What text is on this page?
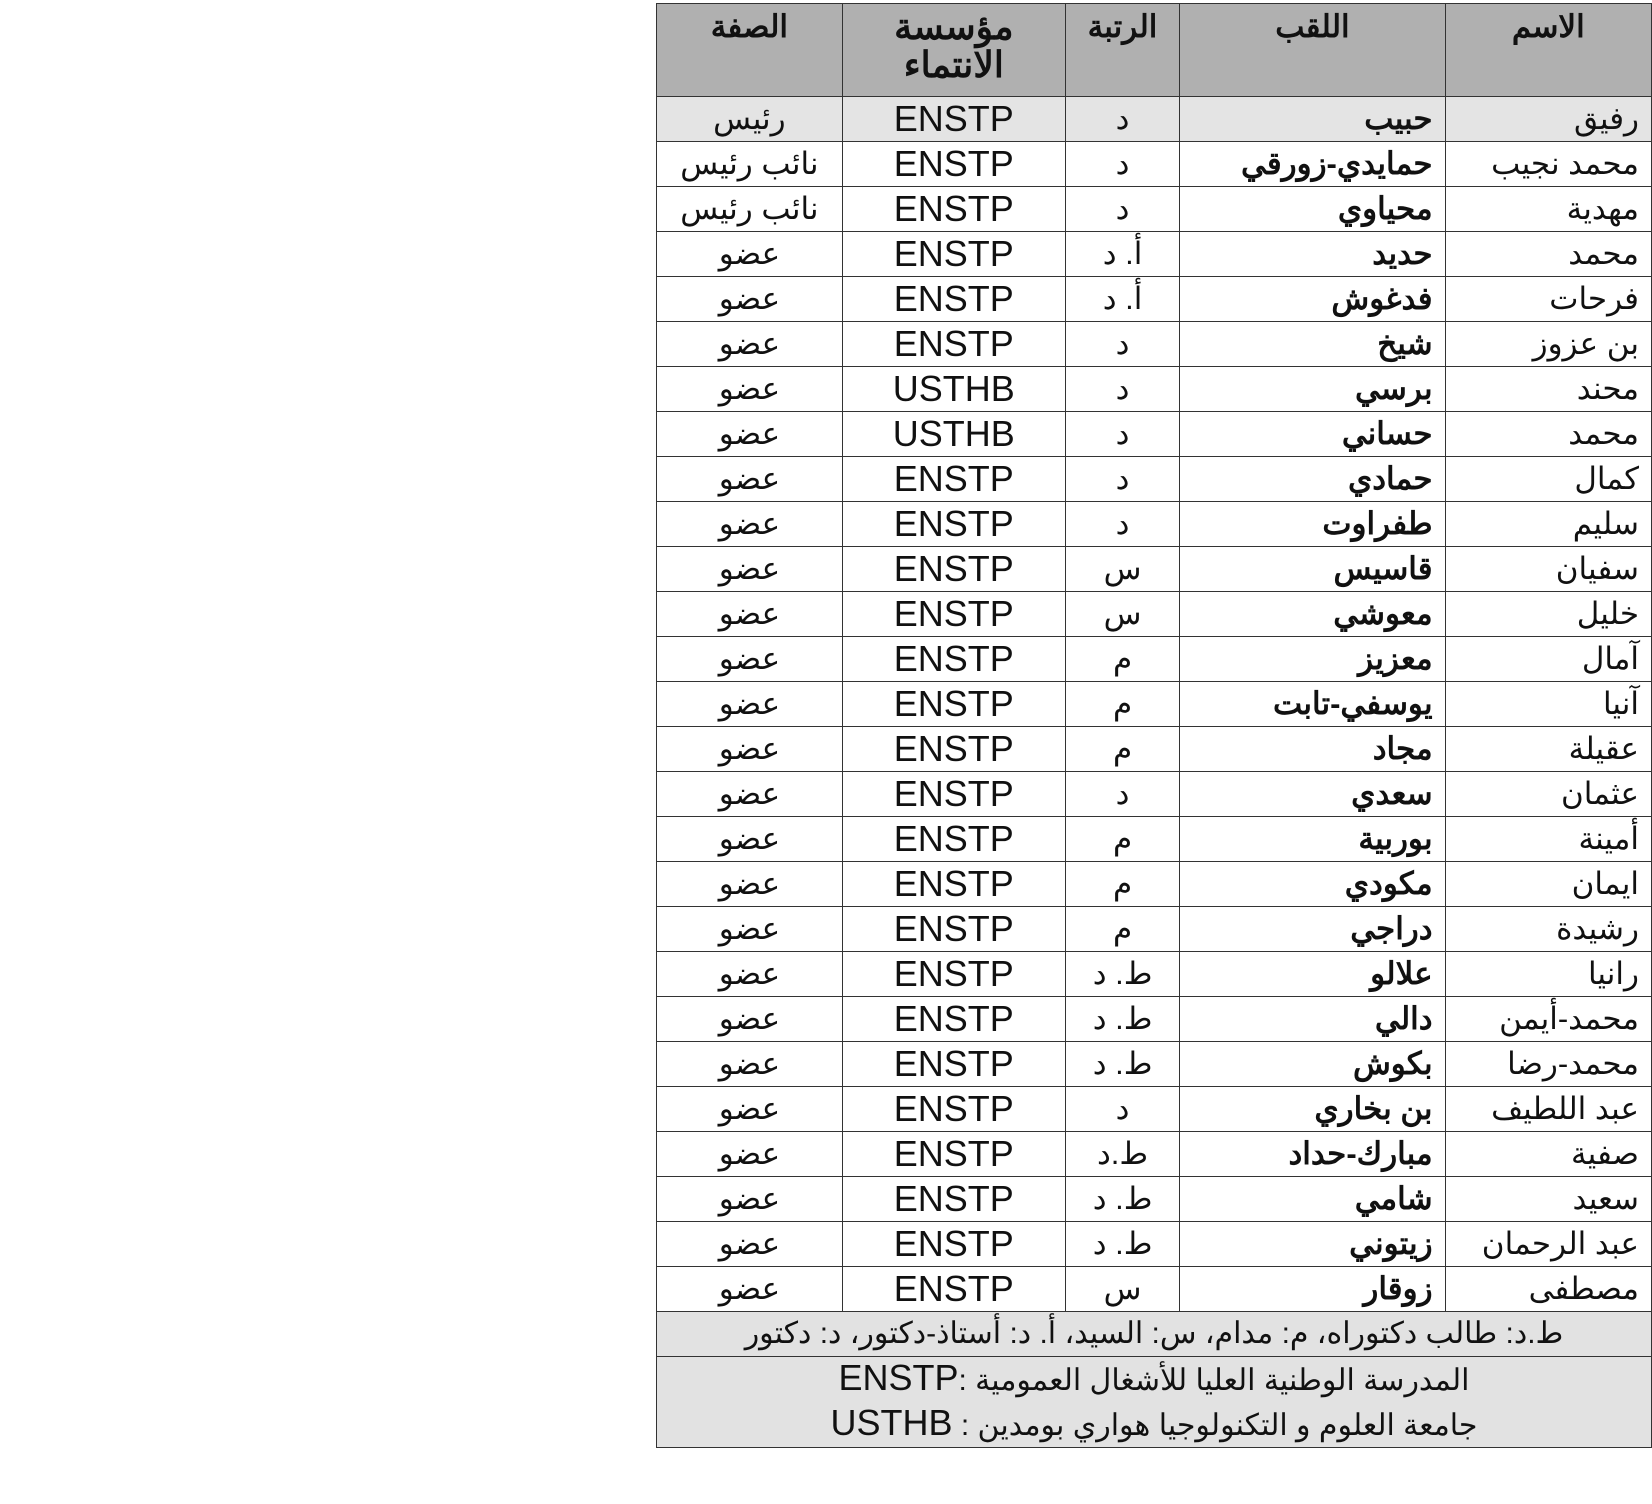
الاسم	اللقب	الرتبة	مؤسسة الانتماء	الصفة
رفيق	حبيب	د	ENSTP	رئيس
محمد نجيب	حمايدي-زورقي	د	ENSTP	نائب رئيس
مهدية	محياوي	د	ENSTP	نائب رئيس
محمد	حديد	أ. د	ENSTP	عضو
فرحات	فدغوش	أ. د	ENSTP	عضو
بن عزوز	شيخ	د	ENSTP	عضو
محند	برسي	د	USTHB	عضو
محمد	حساني	د	USTHB	عضو
كمال	حمادي	د	ENSTP	عضو
سليم	طفراوت	د	ENSTP	عضو
سفيان	قاسيس	س	ENSTP	عضو
خليل	معوشي	س	ENSTP	عضو
آمال	معزيز	م	ENSTP	عضو
آنيا	يوسفي-تابت	م	ENSTP	عضو
عقيلة	مجاد	م	ENSTP	عضو
عثمان	سعدي	د	ENSTP	عضو
أمينة	بوربية	م	ENSTP	عضو
ايمان	مكودي	م	ENSTP	عضو
رشيدة	دراجي	م	ENSTP	عضو
رانيا	علالو	ط. د	ENSTP	عضو
محمد-أيمن	دالي	ط. د	ENSTP	عضو
محمد-رضا	بكوش	ط. د	ENSTP	عضو
عبد اللطيف	بن بخاري	د	ENSTP	عضو
صفية	مبارك-حداد	ط.د	ENSTP	عضو
سعيد	شامي	ط. د	ENSTP	عضو
عبد الرحمان	زيتوني	ط. د	ENSTP	عضو
مصطفى	زوقار	س	ENSTP	عضو
ط.د: طالب دكتوراه، م: مدام، س: السيد، أ. د: أستاذ-دكتور، د: دكتور				

المدرسة الوطنية العليا للأشغال العمومية :ENSTP
جامعة العلوم و التكنولوجيا هواري بومدين : USTHB				
